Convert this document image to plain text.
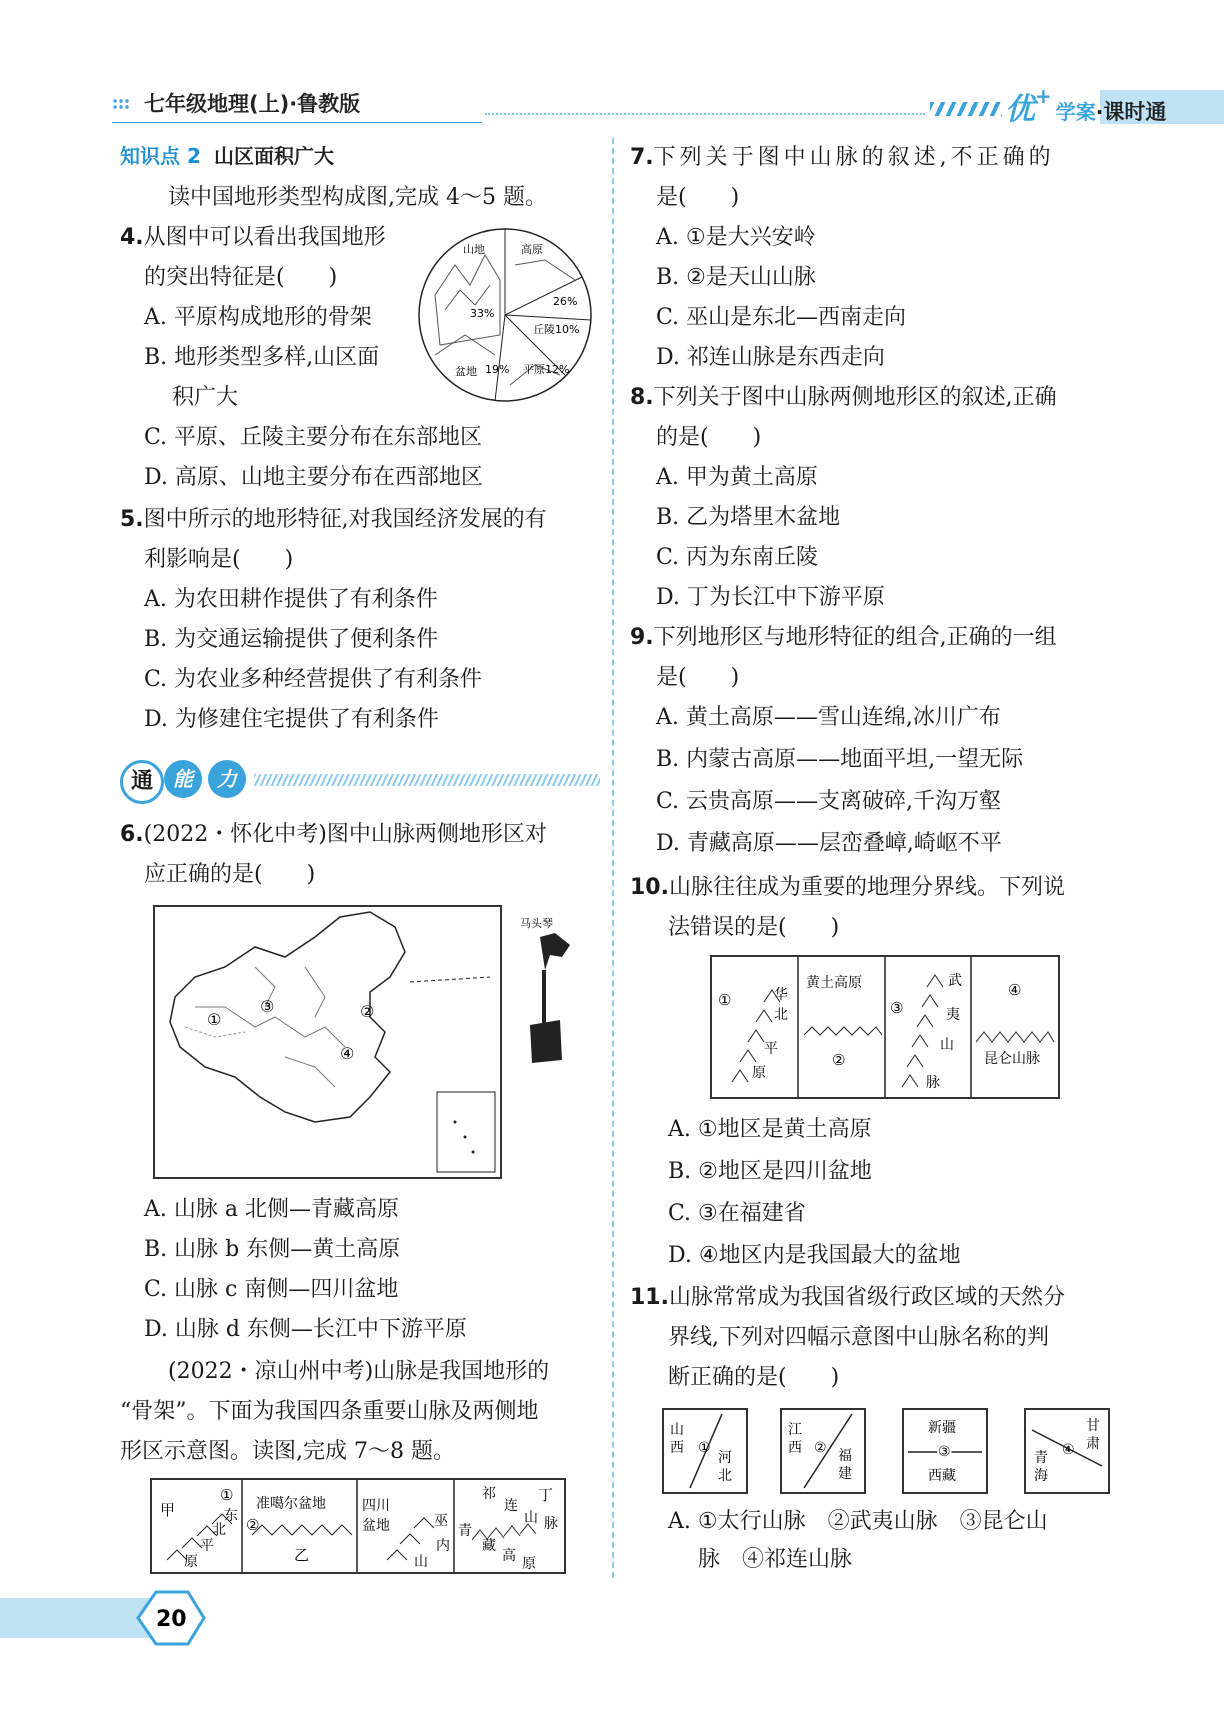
七年级地理(上)·鲁教版	优+学案·课时通
知识点 2 山区面积广大
读中国地形类型构成图,完成 4～5 题。
4.从图中可以看出我国地形
的突出特征是(　　)
A. 平原构成地形的骨架
B. 地形类型多样,山区面
积广大
C. 平原、丘陵主要分布在东部地区
D. 高原、山地主要分布在西部地区
山地	高原
33%
26%
丘陵10%
盆地 19% 平原12%
5.图中所示的地形特征,对我国经济发展的有
利影响是(　　)
A. 为农田耕作提供了有利条件
B. 为交通运输提供了便利条件
C. 为农业多种经营提供了有利条件
D. 为修建住宅提供了有利条件
通	能	力
6.(2022・怀化中考)图中山脉两侧地形区对
应正确的是(　　)
①	②
③
④
马头琴
A. 山脉 a 北侧—青藏高原
B. 山脉 b 东侧—黄土高原
C. 山脉 c 南侧—四川盆地
D. 山脉 d 东侧—长江中下游平原
(2022・凉山州中考)山脉是我国地形的
“骨架”。下面为我国四条重要山脉及两侧地
形区示意图。读图,完成 7～8 题。
甲
①
东
北
平
原
准噶尔盆地
②
乙
四川
盆地	巫
内
山
丁
祁
连
山 脉
青
藏
高 原
7.下列关于图中山脉的叙述,不正确的
是(　　)
A. ①是大兴安岭
B. ②是天山山脉
C. 巫山是东北—西南走向
D. 祁连山脉是东西走向
8.下列关于图中山脉两侧地形区的叙述,正确
的是(　　)
A. 甲为黄土高原
B. 乙为塔里木盆地
C. 丙为东南丘陵
D. 丁为长江中下游平原
9.下列地形区与地形特征的组合,正确的一组
是(　　)
A. 黄土高原——雪山连绵,冰川广布
B. 内蒙古高原——地面平坦,一望无际
C. 云贵高原——支离破碎,千沟万壑
D. 青藏高原——层峦叠嶂,崎岖不平
10.山脉往往成为重要的地理分界线。下列说
法错误的是(　　)
①	华
北
平
原
黄土高原
②
③
武
夷
山
脉
④
昆仑山脉
A. ①地区是黄土高原
B. ②地区是四川盆地
C. ③在福建省
D. ④地区内是我国最大的盆地
11.山脉常常成为我国省级行政区域的天然分
界线,下列对四幅示意图中山脉名称的判
断正确的是(　　)
山
西 ①
河
北
江
西 ② 福
建
新疆
③
西藏
甘
肃
④
青
海
A. ①太行山脉　②武夷山脉　③昆仑山
脉　④祁连山脉
20
